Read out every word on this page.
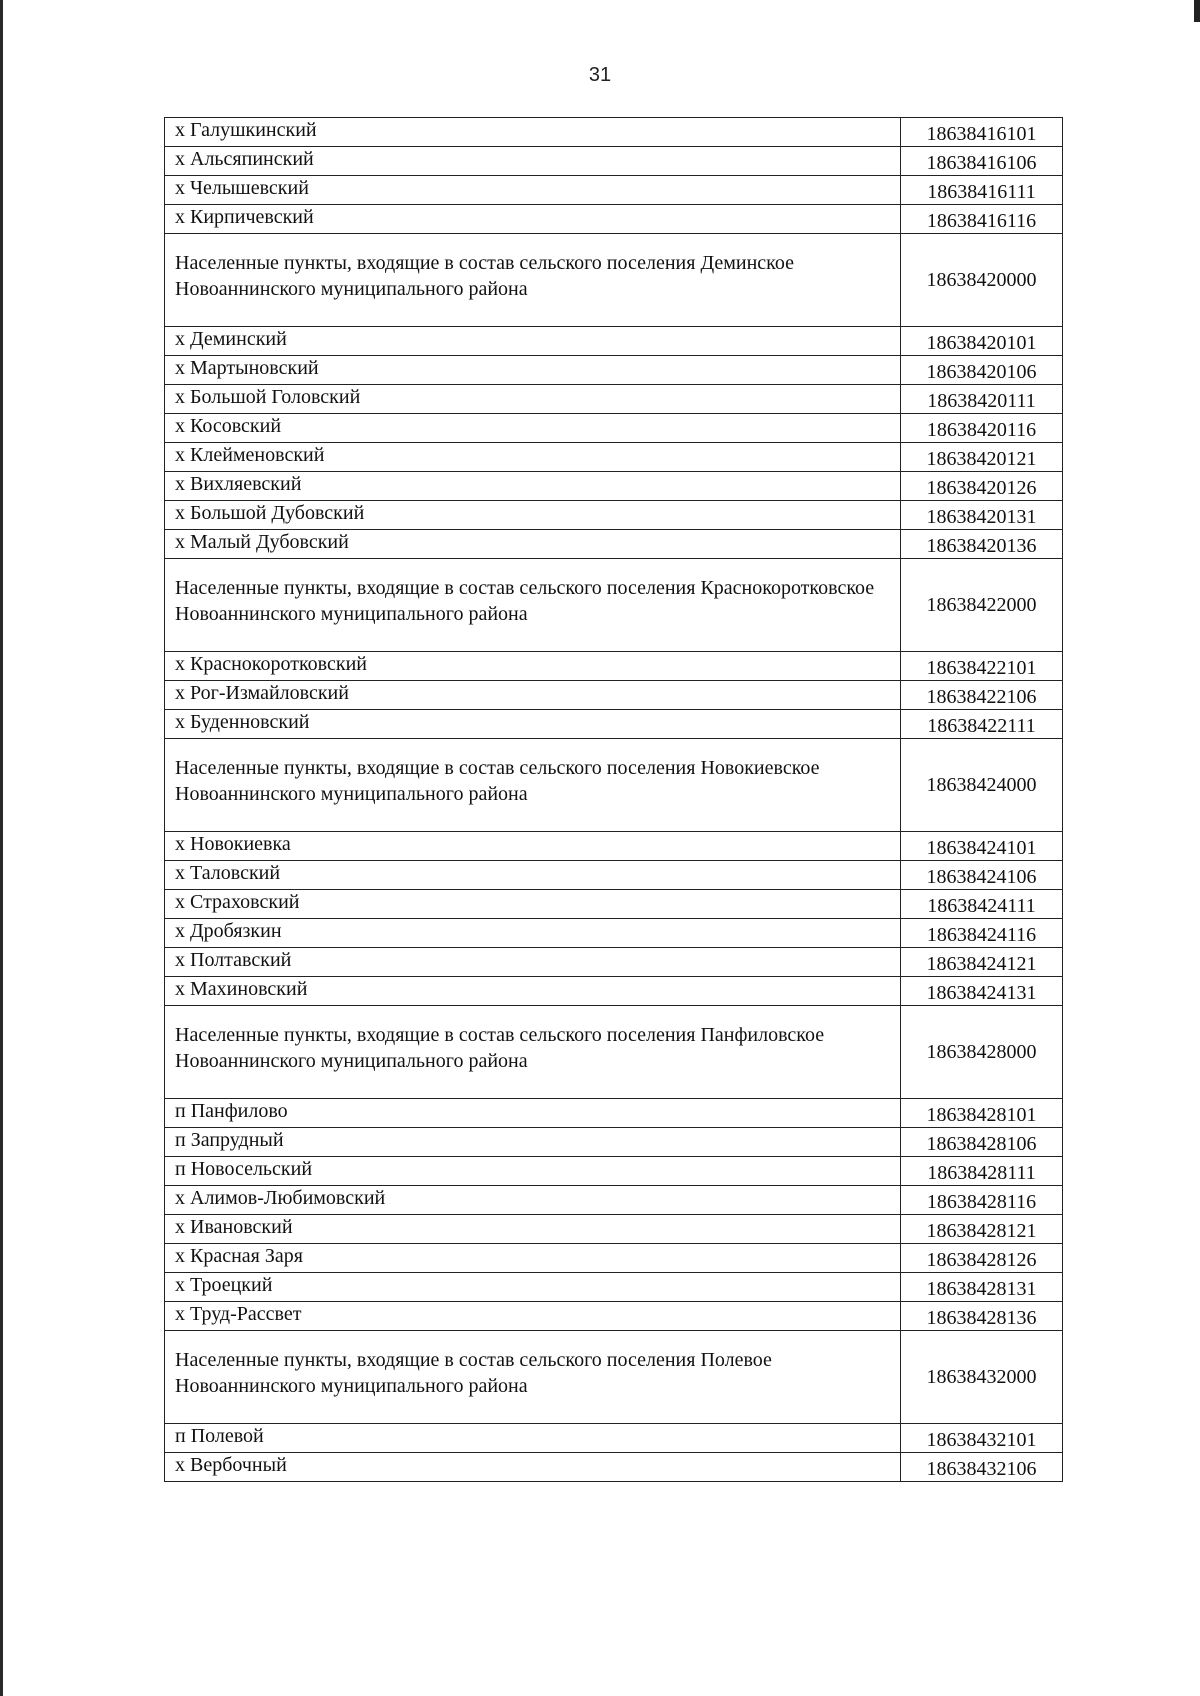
31
х Галушкинский	18638416101
х Альсяпинский	18638416106
х Челышевский	18638416111
х Кирпичевский	18638416116
Населенные пункты, входящие в состав сельского поселения Деминское Новоаннинского муниципального района	18638420000
х Деминский	18638420101
х Мартыновский	18638420106
х Большой Головский	18638420111
х Косовский	18638420116
х Клейменовский	18638420121
х Вихляевский	18638420126
х Большой Дубовский	18638420131
х Малый Дубовский	18638420136
Населенные пункты, входящие в состав сельского поселения Краснокоротковское Новоаннинского муниципального района	18638422000
х Краснокоротковский	18638422101
х Рог-Измайловский	18638422106
х Буденновский	18638422111
Населенные пункты, входящие в состав сельского поселения Новокиевское Новоаннинского муниципального района	18638424000
х Новокиевка	18638424101
х Таловский	18638424106
х Страховский	18638424111
х Дробязкин	18638424116
х Полтавский	18638424121
х Махиновский	18638424131
Населенные пункты, входящие в состав сельского поселения Панфиловское Новоаннинского муниципального района	18638428000
п Панфилово	18638428101
п Запрудный	18638428106
п Новосельский	18638428111
х Алимов-Любимовский	18638428116
х Ивановский	18638428121
х Красная Заря	18638428126
х Троецкий	18638428131
х Труд-Рассвет	18638428136
Населенные пункты, входящие в состав сельского поселения Полевое Новоаннинского муниципального района	18638432000
п Полевой	18638432101
х Вербочный	18638432106
